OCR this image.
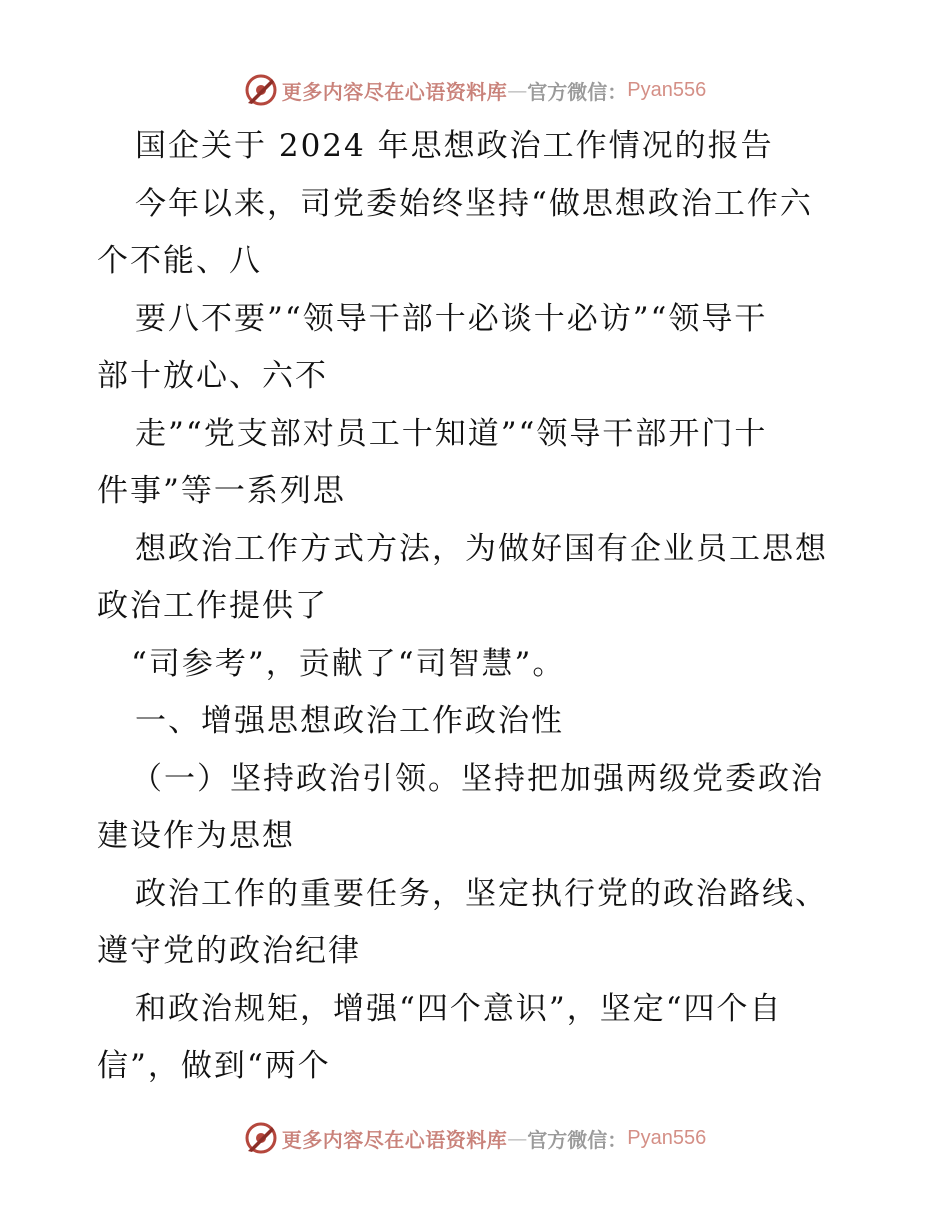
更多内容尽在心语资料库 — 官方微信： Pyan556
国企关于 2024 年思想政治工作情况的报告
今年以来，司党委始终坚持“做思想政治工作六
个不能、八
要八不要”“领导干部十必谈十必访”“领导干
部十放心、六不
走”“党支部对员工十知道”“领导干部开门十
件事”等一系列思
想政治工作方式方法，为做好国有企业员工思想
政治工作提供了
“司参考”，贡献了“司智慧”。
一、增强思想政治工作政治性
（一）坚持政治引领。坚持把加强两级党委政治
建设作为思想
政治工作的重要任务，坚定执行党的政治路线、
遵守党的政治纪律
和政治规矩，增强“四个意识”，坚定“四个自
信”，做到“两个
更多内容尽在心语资料库 — 官方微信： Pyan556
